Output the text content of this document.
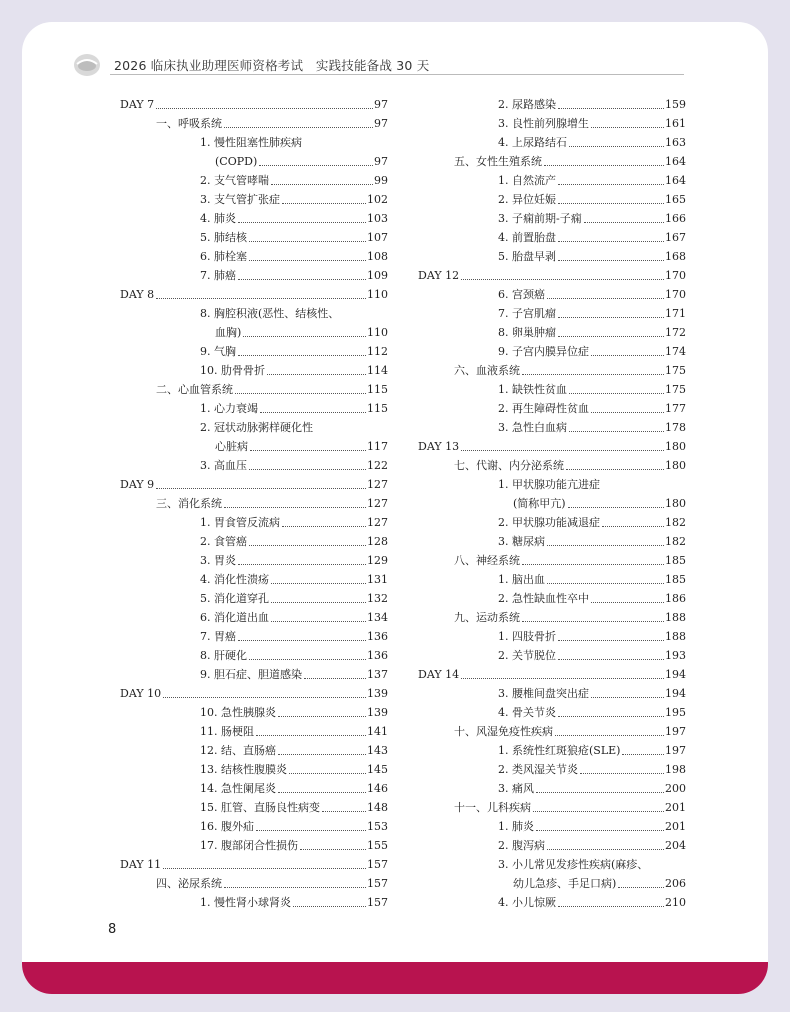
2026 临床执业助理医师资格考试　实践技能备战 30 天
DAY 7	97
一、呼吸系统	97
1. 慢性阻塞性肺疾病
(COPD)	97
2. 支气管哮喘	99
3. 支气管扩张症	102
4. 肺炎	103
5. 肺结核	107
6. 肺栓塞	108
7. 肺癌	109
DAY 8	110
8. 胸腔积液(恶性、结核性、
血胸)	110
9. 气胸	112
10. 肋骨骨折	114
二、心血管系统	115
1. 心力衰竭	115
2. 冠状动脉粥样硬化性
心脏病	117
3. 高血压	122
DAY 9	127
三、消化系统	127
1. 胃食管反流病	127
2. 食管癌	128
3. 胃炎	129
4. 消化性溃疡	131
5. 消化道穿孔	132
6. 消化道出血	134
7. 胃癌	136
8. 肝硬化	136
9. 胆石症、胆道感染	137
DAY 10	139
10. 急性胰腺炎	139
11. 肠梗阻	141
12. 结、直肠癌	143
13. 结核性腹膜炎	145
14. 急性阑尾炎	146
15. 肛管、直肠良性病变	148
16. 腹外疝	153
17. 腹部闭合性损伤	155
DAY 11	157
四、泌尿系统	157
1. 慢性肾小球肾炎	157
2. 尿路感染	159
3. 良性前列腺增生	161
4. 上尿路结石	163
五、女性生殖系统	164
1. 自然流产	164
2. 异位妊娠	165
3. 子痫前期-子痫	166
4. 前置胎盘	167
5. 胎盘早剥	168
DAY 12	170
6. 宫颈癌	170
7. 子宫肌瘤	171
8. 卵巢肿瘤	172
9. 子宫内膜异位症	174
六、血液系统	175
1. 缺铁性贫血	175
2. 再生障碍性贫血	177
3. 急性白血病	178
DAY 13	180
七、代谢、内分泌系统	180
1. 甲状腺功能亢进症
(简称甲亢)	180
2. 甲状腺功能减退症	182
3. 糖尿病	182
八、神经系统	185
1. 脑出血	185
2. 急性缺血性卒中	186
九、运动系统	188
1. 四肢骨折	188
2. 关节脱位	193
DAY 14	194
3. 腰椎间盘突出症	194
4. 骨关节炎	195
十、风湿免疫性疾病	197
1. 系统性红斑狼疮(SLE)	197
2. 类风湿关节炎	198
3. 痛风	200
十一、儿科疾病	201
1. 肺炎	201
2. 腹泻病	204
3. 小儿常见发疹性疾病(麻疹、
幼儿急疹、手足口病)	206
4. 小儿惊厥	210
8
